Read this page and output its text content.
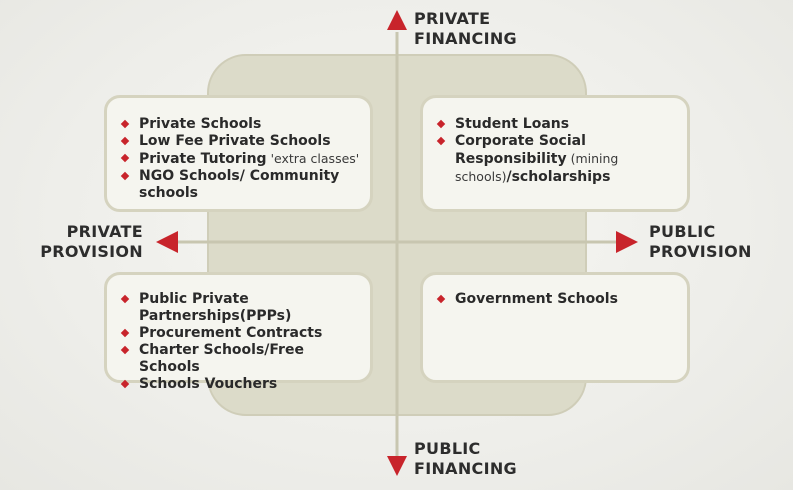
PRIVATE
FINANCING
PUBLIC
FINANCING
PRIVATE
PROVISION
PUBLIC
PROVISION
Private Schools
Low Fee Private Schools
Private Tutoring 'extra classes'
NGO Schools/ Community schools
Student Loans
Corporate Social Responsibility (mining schools)/scholarships
Public Private Partnerships(PPPs)
Procurement Contracts
Charter Schools/Free Schools
Schools Vouchers
Government Schools
